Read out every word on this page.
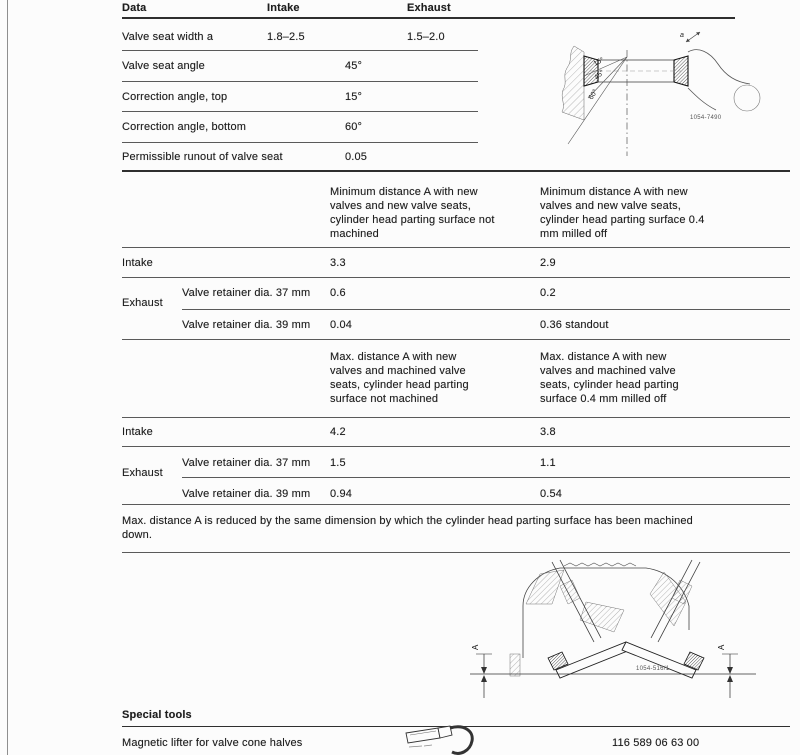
Data	Intake	Exhaust
Valve seat width a	1.8–2.5	1.5–2.0
Valve seat angle	45°
Correction angle, top	15°
Correction angle, bottom	60°
Permissible runout of valve seat	0.05
15°
45°
60°
a
1054-7490
Minimum distance A with new valves and new valve seats, cylinder head parting surface not machined
Minimum distance A with new valves and new valve seats, cylinder head parting surface 0.4 mm milled off
Intake	3.3	2.9
Exhaust
Valve retainer dia. 37 mm 0.6	0.2
Valve retainer dia. 39 mm 0.04	0.36 standout
Max. distance A with new valves and machined valve seats, cylinder head parting surface not machined
Max. distance A with new valves and machined valve seats, cylinder head parting surface 0.4 mm milled off
Intake	4.2	3.8
Exhaust
Valve retainer dia. 37 mm 1.5	1.1
Valve retainer dia. 39 mm 0.94	0.54
Max. distance A is reduced by the same dimension by which the cylinder head parting surface has been machined down.
A	A
1054-516/1
Special tools
Magnetic lifter for valve cone halves	116 589 06 63 00
